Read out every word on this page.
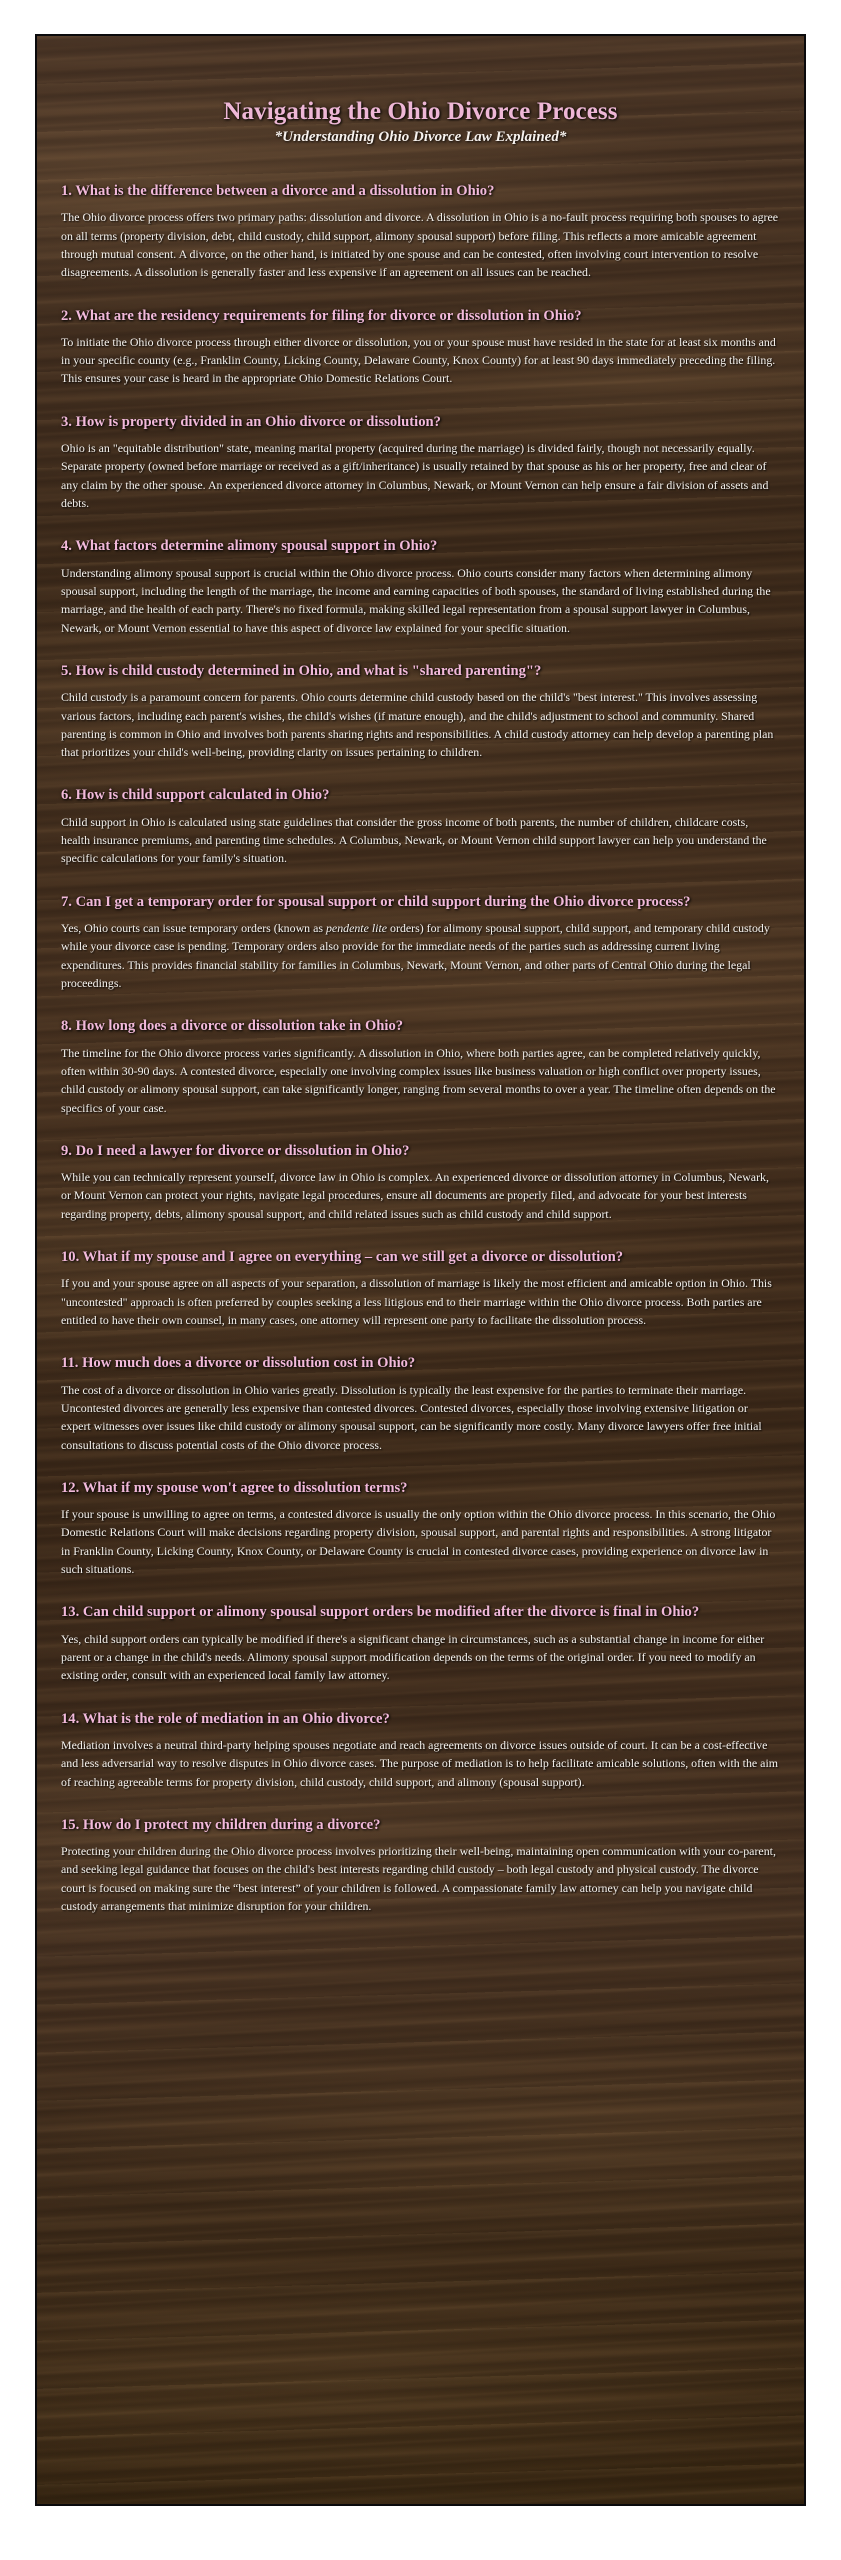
Navigating the Ohio Divorce Process
*Understanding Ohio Divorce Law Explained*
1. What is the difference between a divorce and a dissolution in Ohio?

The Ohio divorce process offers two primary paths: dissolution and divorce. A dissolution in Ohio is a no-fault process requiring both spouses to agree on all terms (property division, debt, child custody, child support, alimony spousal support) before filing. This reflects a more amicable agreement through mutual consent. A divorce, on the other hand, is initiated by one spouse and can be contested, often involving court intervention to resolve disagreements. A dissolution is generally faster and less expensive if an agreement on all issues can be reached.

2. What are the residency requirements for filing for divorce or dissolution in Ohio?

To initiate the Ohio divorce process through either divorce or dissolution, you or your spouse must have resided in the state for at least six months and in your specific county (e.g., Franklin County, Licking County, Delaware County, Knox County) for at least 90 days immediately preceding the filing. This ensures your case is heard in the appropriate Ohio Domestic Relations Court.

3. How is property divided in an Ohio divorce or dissolution?

Ohio is an "equitable distribution" state, meaning marital property (acquired during the marriage) is divided fairly, though not necessarily equally. Separate property (owned before marriage or received as a gift/inheritance) is usually retained by that spouse as his or her property, free and clear of any claim by the other spouse. An experienced divorce attorney in Columbus, Newark, or Mount Vernon can help ensure a fair division of assets and debts.

4. What factors determine alimony spousal support in Ohio?

Understanding alimony spousal support is crucial within the Ohio divorce process. Ohio courts consider many factors when determining alimony spousal support, including the length of the marriage, the income and earning capacities of both spouses, the standard of living established during the marriage, and the health of each party. There's no fixed formula, making skilled legal representation from a spousal support lawyer in Columbus, Newark, or Mount Vernon essential to have this aspect of divorce law explained for your specific situation.

5. How is child custody determined in Ohio, and what is "shared parenting"?

Child custody is a paramount concern for parents. Ohio courts determine child custody based on the child's "best interest." This involves assessing various factors, including each parent's wishes, the child's wishes (if mature enough), and the child's adjustment to school and community. Shared parenting is common in Ohio and involves both parents sharing rights and responsibilities. A child custody attorney can help develop a parenting plan that prioritizes your child's well-being, providing clarity on issues pertaining to children.

6. How is child support calculated in Ohio?

Child support in Ohio is calculated using state guidelines that consider the gross income of both parents, the number of children, childcare costs, health insurance premiums, and parenting time schedules. A Columbus, Newark, or Mount Vernon child support lawyer can help you understand the specific calculations for your family's situation.

7. Can I get a temporary order for spousal support or child support during the Ohio divorce process?

Yes, Ohio courts can issue temporary orders (known as pendente lite orders) for alimony spousal support, child support, and temporary child custody while your divorce case is pending. Temporary orders also provide for the immediate needs of the parties such as addressing current living expenditures. This provides financial stability for families in Columbus, Newark, Mount Vernon, and other parts of Central Ohio during the legal proceedings.

8. How long does a divorce or dissolution take in Ohio?

The timeline for the Ohio divorce process varies significantly. A dissolution in Ohio, where both parties agree, can be completed relatively quickly, often within 30-90 days. A contested divorce, especially one involving complex issues like business valuation or high conflict over property issues, child custody or alimony spousal support, can take significantly longer, ranging from several months to over a year. The timeline often depends on the specifics of your case.

9. Do I need a lawyer for divorce or dissolution in Ohio?

While you can technically represent yourself, divorce law in Ohio is complex. An experienced divorce or dissolution attorney in Columbus, Newark, or Mount Vernon can protect your rights, navigate legal procedures, ensure all documents are properly filed, and advocate for your best interests regarding property, debts, alimony spousal support, and child related issues such as child custody and child support.

10. What if my spouse and I agree on everything – can we still get a divorce or dissolution?

If you and your spouse agree on all aspects of your separation, a dissolution of marriage is likely the most efficient and amicable option in Ohio. This "uncontested" approach is often preferred by couples seeking a less litigious end to their marriage within the Ohio divorce process. Both parties are entitled to have their own counsel, in many cases, one attorney will represent one party to facilitate the dissolution process.

11. How much does a divorce or dissolution cost in Ohio?

The cost of a divorce or dissolution in Ohio varies greatly. Dissolution is typically the least expensive for the parties to terminate their marriage. Uncontested divorces are generally less expensive than contested divorces. Contested divorces, especially those involving extensive litigation or expert witnesses over issues like child custody or alimony spousal support, can be significantly more costly. Many divorce lawyers offer free initial consultations to discuss potential costs of the Ohio divorce process.

12. What if my spouse won't agree to dissolution terms?

If your spouse is unwilling to agree on terms, a contested divorce is usually the only option within the Ohio divorce process. In this scenario, the Ohio Domestic Relations Court will make decisions regarding property division, spousal support, and parental rights and responsibilities. A strong litigator in Franklin County, Licking County, Knox County, or Delaware County is crucial in contested divorce cases, providing experience on divorce law in such situations.

13. Can child support or alimony spousal support orders be modified after the divorce is final in Ohio?

Yes, child support orders can typically be modified if there's a significant change in circumstances, such as a substantial change in income for either parent or a change in the child's needs. Alimony spousal support modification depends on the terms of the original order. If you need to modify an existing order, consult with an experienced local family law attorney.

14. What is the role of mediation in an Ohio divorce?

Mediation involves a neutral third-party helping spouses negotiate and reach agreements on divorce issues outside of court. It can be a cost-effective and less adversarial way to resolve disputes in Ohio divorce cases. The purpose of mediation is to help facilitate amicable solutions, often with the aim of reaching agreeable terms for property division, child custody, child support, and alimony (spousal support).

15. How do I protect my children during a divorce?

Protecting your children during the Ohio divorce process involves prioritizing their well-being, maintaining open communication with your co-parent, and seeking legal guidance that focuses on the child's best interests regarding child custody – both legal custody and physical custody. The divorce court is focused on making sure the “best interest” of your children is followed. A compassionate family law attorney can help you navigate child custody arrangements that minimize disruption for your children.
